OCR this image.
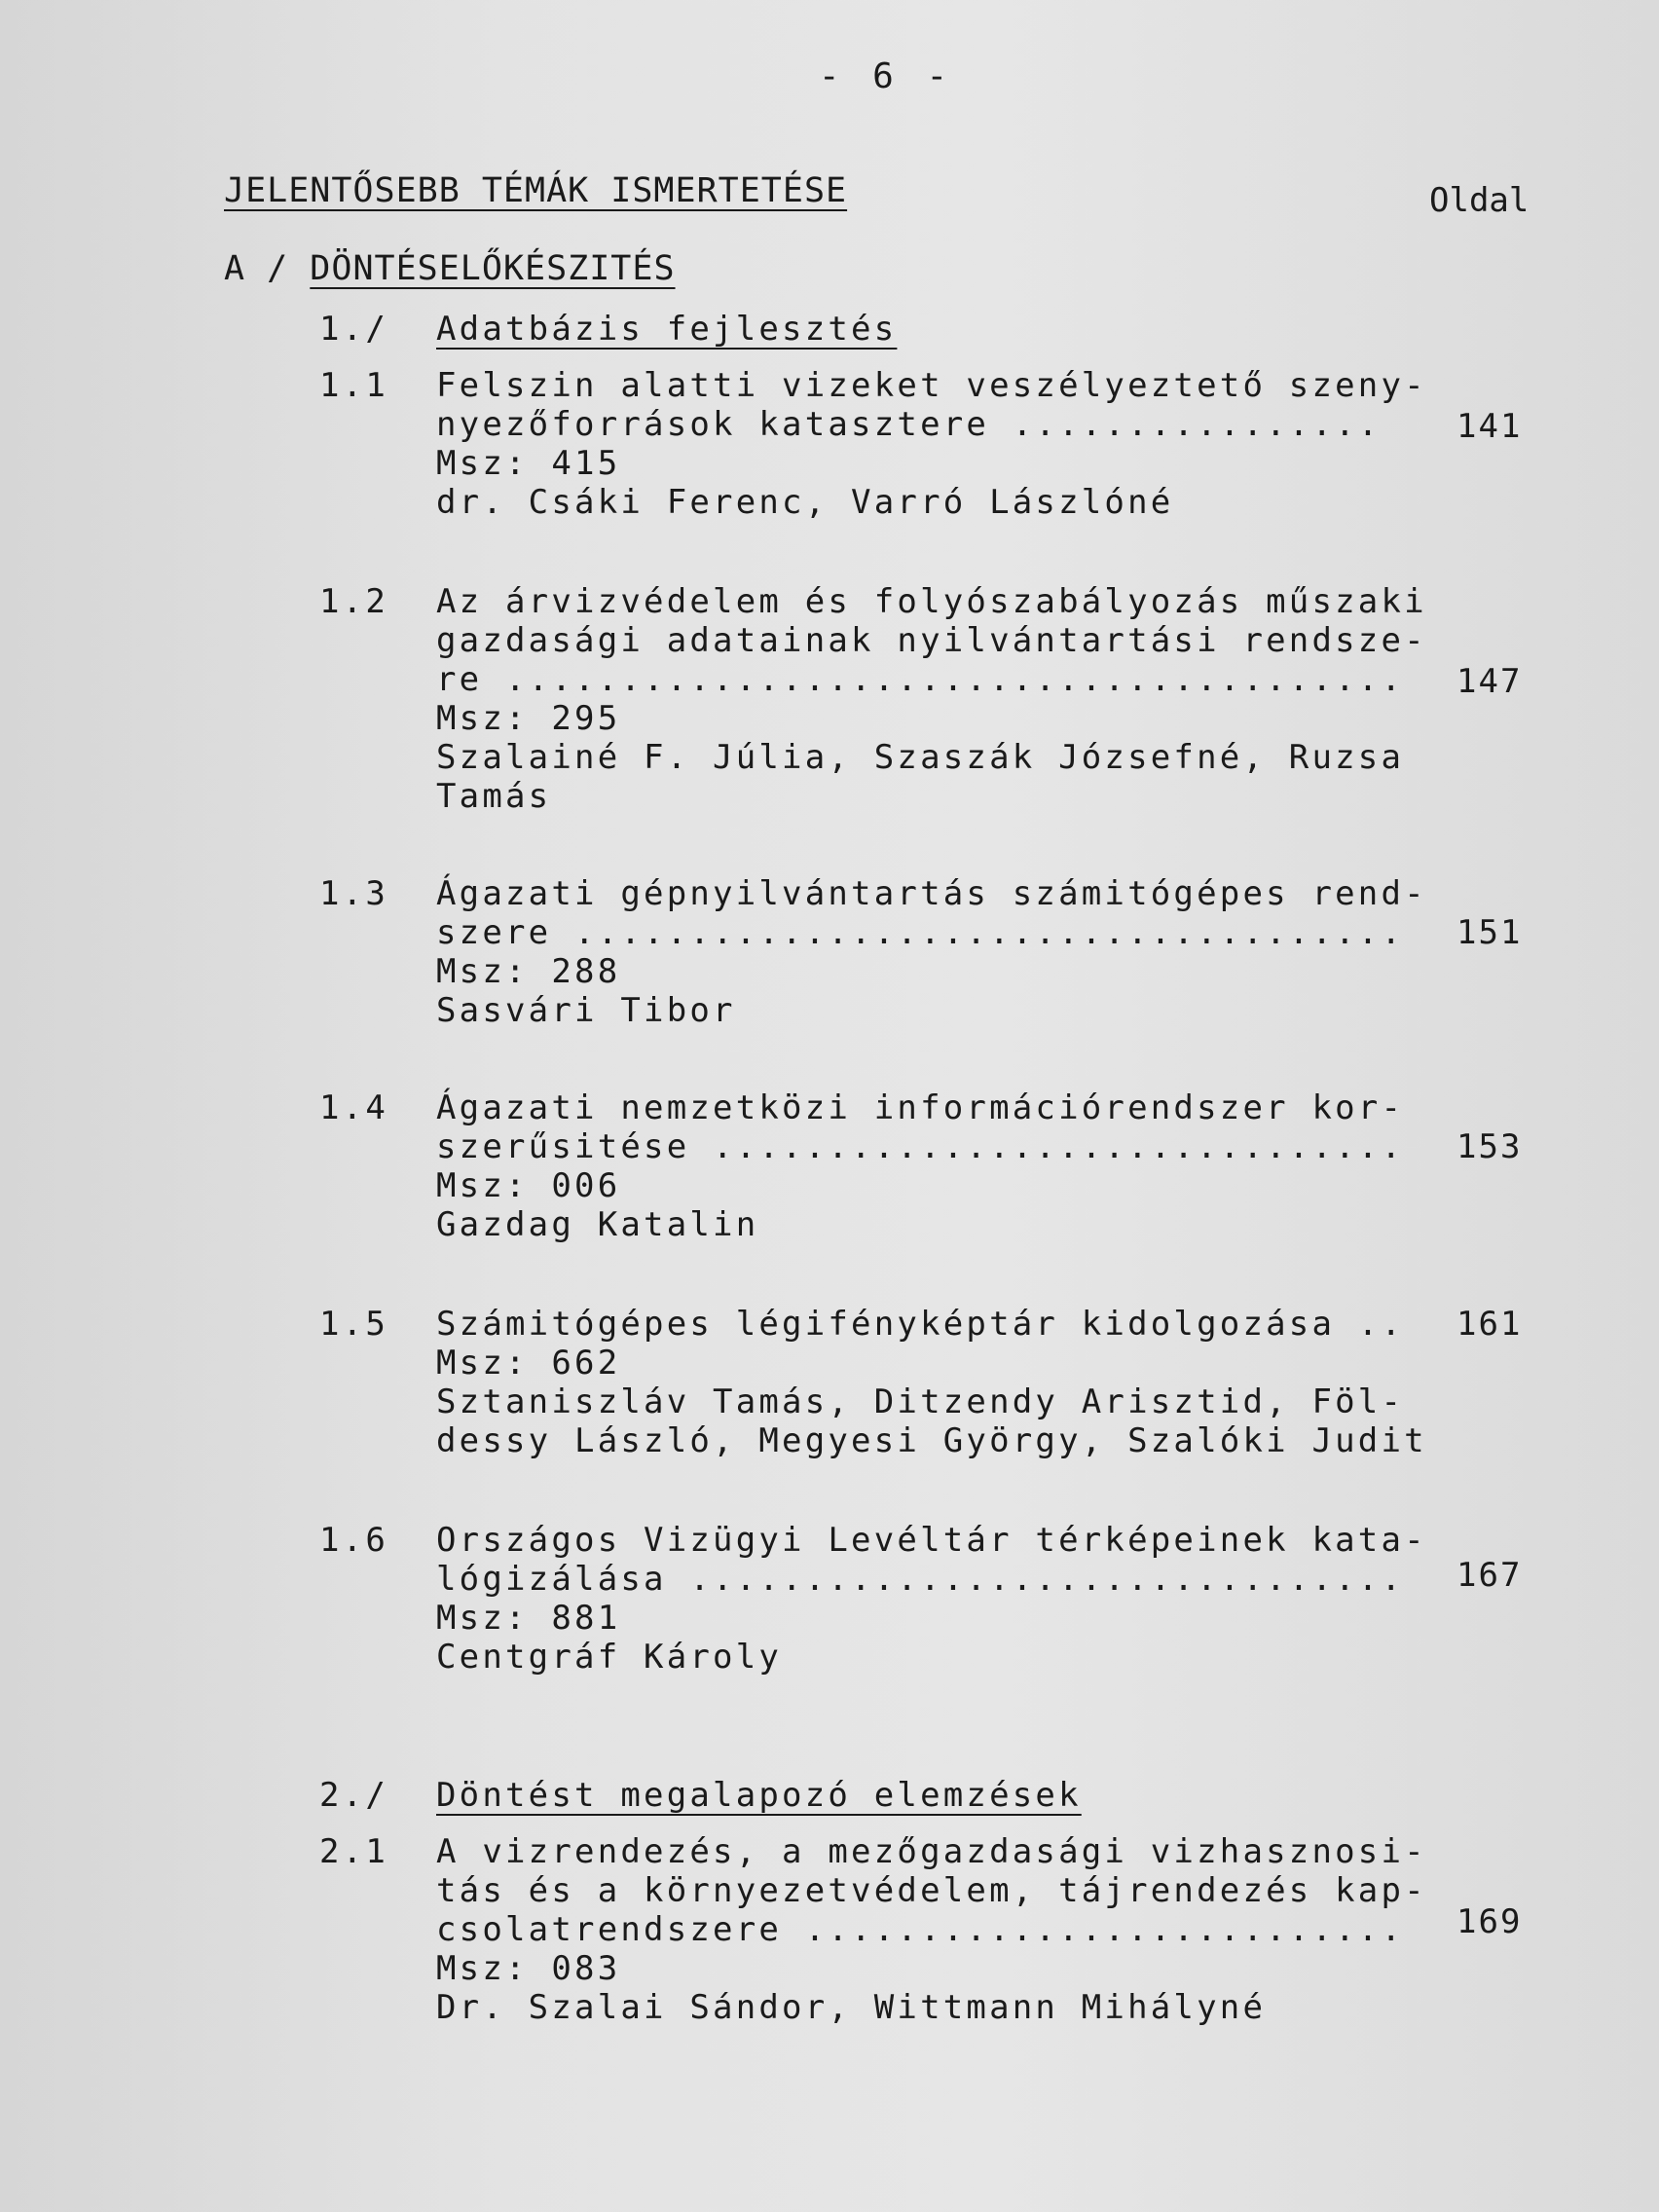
- 6 -
JELENTŐSEBB TÉMÁK ISMERTETÉSE	Oldal
A / DÖNTÉSELŐKÉSZITÉS
1./ Adatbázis fejlesztés
1.1 Felszin alatti vizeket veszélyeztető szeny-
nyezőforrások katasztere ................
Msz: 415
dr. Csáki Ferenc, Varró Lászlóné
141
1.2 Az árvizvédelem és folyószabályozás műszaki
gazdasági adatainak nyilvántartási rendsze-
re .......................................
Msz: 295
Szalainé F. Júlia, Szaszák Józsefné, Ruzsa
Tamás
147
1.3 Ágazati gépnyilvántartás számitógépes rend-
szere ....................................
Msz: 288
Sasvári Tibor
151
1.4 Ágazati nemzetközi információrendszer kor-
szerűsitése ..............................
Msz: 006
Gazdag Katalin
153
1.5 Számitógépes légifényképtár kidolgozása ..
Msz: 662
Sztaniszláv Tamás, Ditzendy Arisztid, Föl-
dessy László, Megyesi György, Szalóki Judit
161
1.6 Országos Vizügyi Levéltár térképeinek kata-
lógizálása ...............................
Msz: 881
Centgráf Károly
167
2./ Döntést megalapozó elemzések
2.1 A vizrendezés, a mezőgazdasági vizhasznosi-
tás és a környezetvédelem, tájrendezés kap-
csolatrendszere ..........................
Msz: 083
Dr. Szalai Sándor, Wittmann Mihályné
169
